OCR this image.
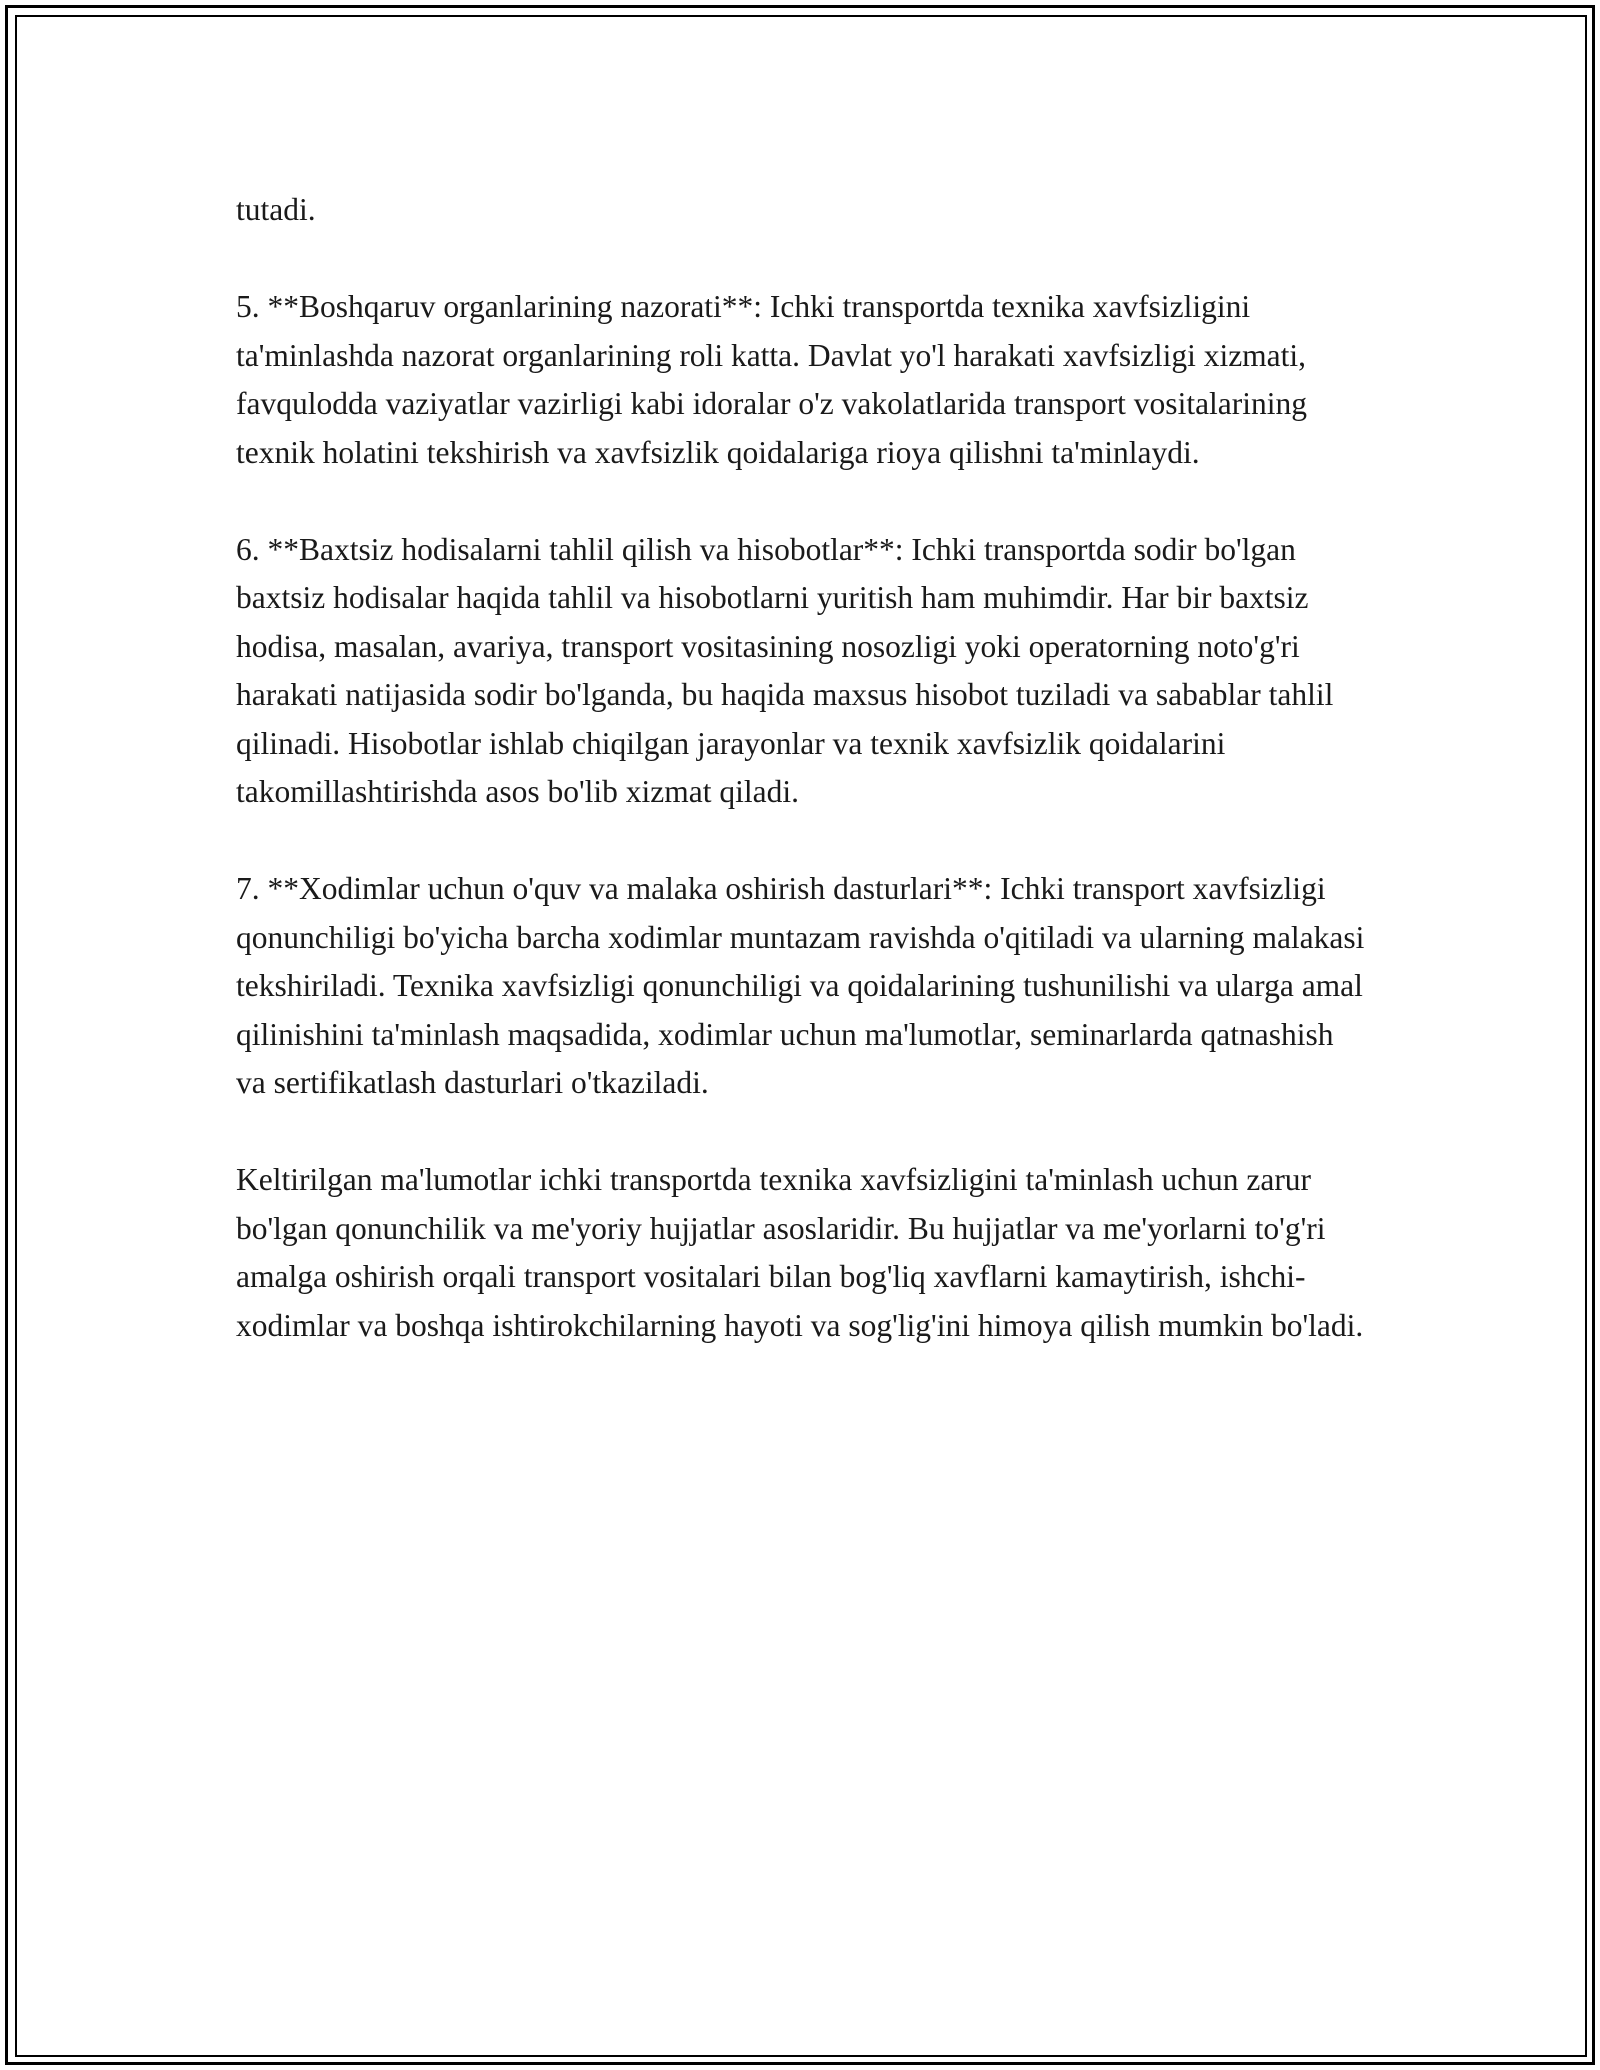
tutadi.

5. **Boshqaruv organlarining nazorati**: Ichki transportda texnika xavfsizligini ta'minlashda nazorat organlarining roli katta. Davlat yo'l harakati xavfsizligi xizmati, favqulodda vaziyatlar vazirligi kabi idoralar o'z vakolatlarida transport vositalarining texnik holatini tekshirish va xavfsizlik qoidalariga rioya qilishni ta'minlaydi.

6. **Baxtsiz hodisalarni tahlil qilish va hisobotlar**: Ichki transportda sodir bo'lgan baxtsiz hodisalar haqida tahlil va hisobotlarni yuritish ham muhimdir. Har bir baxtsiz hodisa, masalan, avariya, transport vositasining nosozligi yoki operatorning noto'g'ri harakati natijasida sodir bo'lganda, bu haqida maxsus hisobot tuziladi va sabablar tahlil qilinadi. Hisobotlar ishlab chiqilgan jarayonlar va texnik xavfsizlik qoidalarini takomillashtirishda asos bo'lib xizmat qiladi.

7. **Xodimlar uchun o'quv va malaka oshirish dasturlari**: Ichki transport xavfsizligi qonunchiligi bo'yicha barcha xodimlar muntazam ravishda o'qitiladi va ularning malakasi tekshiriladi. Texnika xavfsizligi qonunchiligi va qoidalarining tushunilishi va ularga amal qilinishini ta'minlash maqsadida, xodimlar uchun ma'lumotlar, seminarlarda qatnashish va sertifikatlash dasturlari o'tkaziladi.

Keltirilgan ma'lumotlar ichki transportda texnika xavfsizligini ta'minlash uchun zarur bo'lgan qonunchilik va me'yoriy hujjatlar asoslaridir. Bu hujjatlar va me'yorlarni to'g'ri amalga oshirish orqali transport vositalari bilan bog'liq xavflarni kamaytirish, ishchi-xodimlar va boshqa ishtirokchilarning hayoti va sog'lig'ini himoya qilish mumkin bo'ladi.
